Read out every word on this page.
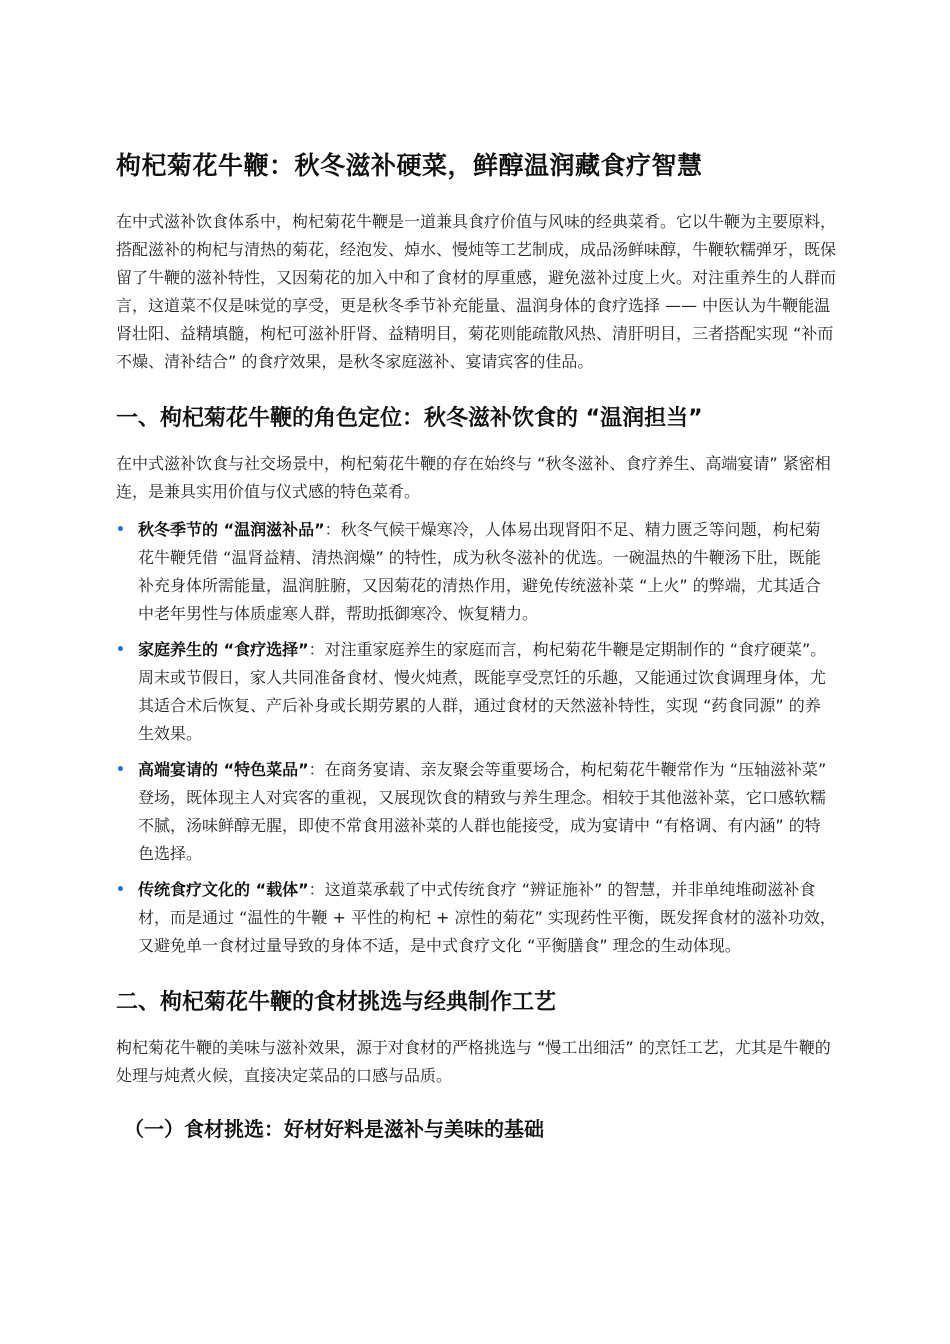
枸杞菊花牛鞭：秋冬滋补硬菜，鲜醇温润藏食疗智慧

在中式滋补饮食体系中，枸杞菊花牛鞭是一道兼具食疗价值与风味的经典菜肴。它以牛鞭为主要原料，搭配滋补的枸杞与清热的菊花，经泡发、焯水、慢炖等工艺制成，成品汤鲜味醇，牛鞭软糯弹牙，既保留了牛鞭的滋补特性，又因菊花的加入中和了食材的厚重感，避免滋补过度上火。对注重养生的人群而言，这道菜不仅是味觉的享受，更是秋冬季节补充能量、温润身体的食疗选择 —— 中医认为牛鞭能温肾壮阳、益精填髓，枸杞可滋补肝肾、益精明目，菊花则能疏散风热、清肝明目，三者搭配实现 “补而不燥、清补结合” 的食疗效果，是秋冬家庭滋补、宴请宾客的佳品。

一、枸杞菊花牛鞭的角色定位：秋冬滋补饮食的 “温润担当”

在中式滋补饮食与社交场景中，枸杞菊花牛鞭的存在始终与 “秋冬滋补、食疗养生、高端宴请” 紧密相连，是兼具实用价值与仪式感的特色菜肴。

• 秋冬季节的 “温润滋补品”：秋冬气候干燥寒冷，人体易出现肾阳不足、精力匮乏等问题，枸杞菊花牛鞭凭借 “温肾益精、清热润燥” 的特性，成为秋冬滋补的优选。一碗温热的牛鞭汤下肚，既能补充身体所需能量，温润脏腑，又因菊花的清热作用，避免传统滋补菜 “上火” 的弊端，尤其适合中老年男性与体质虚寒人群，帮助抵御寒冷、恢复精力。
• 家庭养生的 “食疗选择”：对注重家庭养生的家庭而言，枸杞菊花牛鞭是定期制作的 “食疗硬菜”。周末或节假日，家人共同准备食材、慢火炖煮，既能享受烹饪的乐趣，又能通过饮食调理身体，尤其适合术后恢复、产后补身或长期劳累的人群，通过食材的天然滋补特性，实现 “药食同源” 的养生效果。
• 高端宴请的 “特色菜品”：在商务宴请、亲友聚会等重要场合，枸杞菊花牛鞭常作为 “压轴滋补菜” 登场，既体现主人对宾客的重视，又展现饮食的精致与养生理念。相较于其他滋补菜，它口感软糯不腻，汤味鲜醇无腥，即使不常食用滋补菜的人群也能接受，成为宴请中 “有格调、有内涵” 的特色选择。
• 传统食疗文化的 “载体”：这道菜承载了中式传统食疗 “辨证施补” 的智慧，并非单纯堆砌滋补食材，而是通过 “温性的牛鞭 + 平性的枸杞 + 凉性的菊花” 实现药性平衡，既发挥食材的滋补功效，又避免单一食材过量导致的身体不适，是中式食疗文化 “平衡膳食” 理念的生动体现。
二、枸杞菊花牛鞭的食材挑选与经典制作工艺

枸杞菊花牛鞭的美味与滋补效果，源于对食材的严格挑选与 “慢工出细活” 的烹饪工艺，尤其是牛鞭的处理与炖煮火候，直接决定菜品的口感与品质。

（一）食材挑选：好材好料是滋补与美味的基础
